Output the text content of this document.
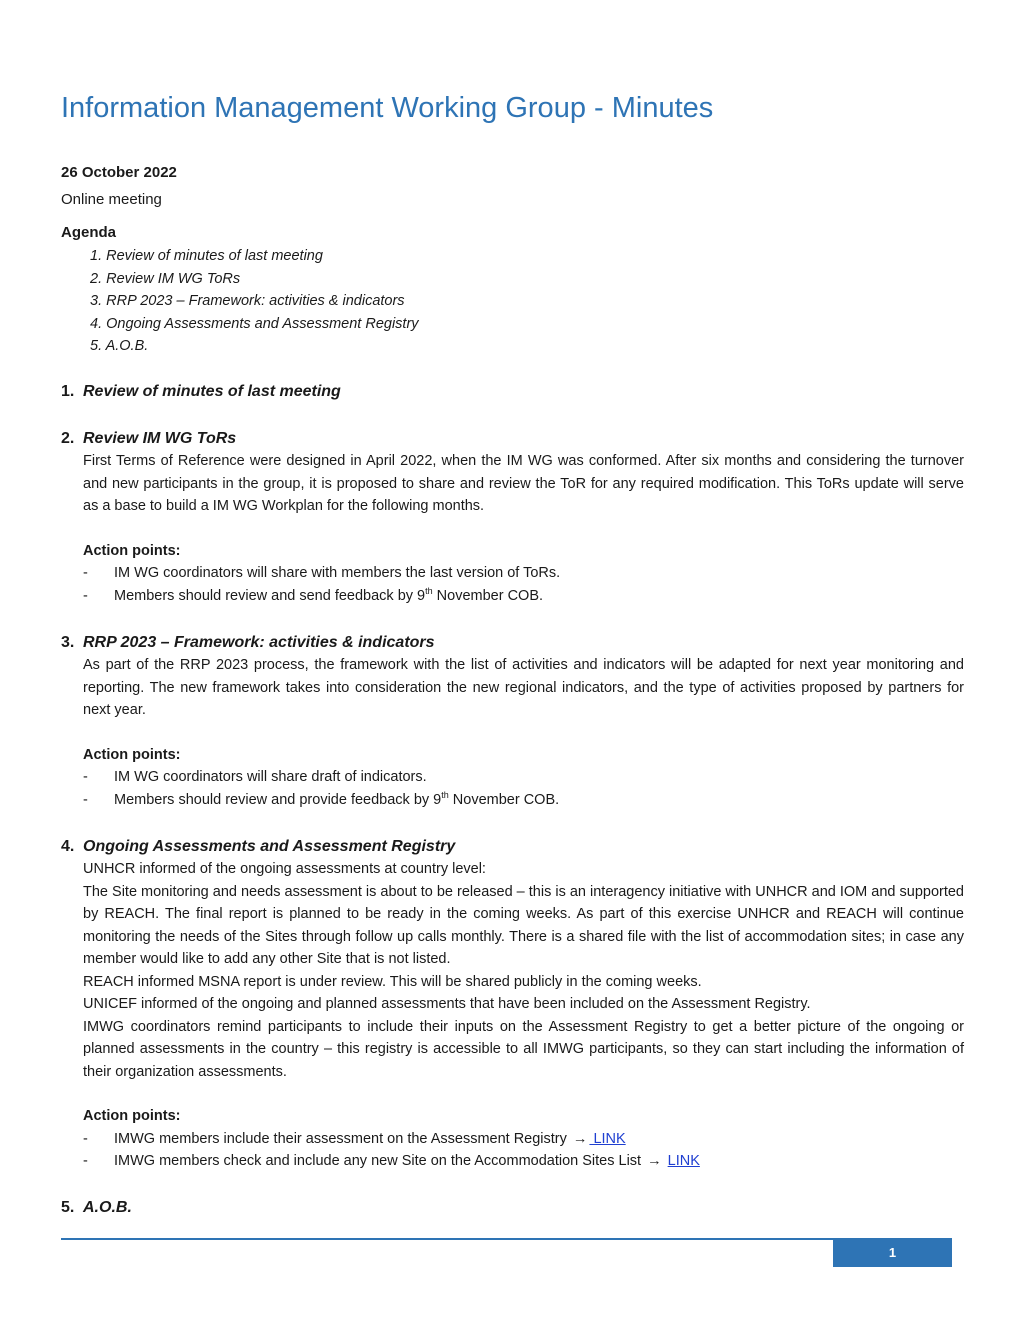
Information Management Working Group - Minutes
26 October 2022
Online meeting
Agenda
1. Review of minutes of last meeting
2. Review IM WG ToRs
3. RRP 2023 – Framework: activities & indicators
4. Ongoing Assessments and Assessment Registry
5. A.O.B.
1. Review of minutes of last meeting
2. Review IM WG ToRs

First Terms of Reference were designed in April 2022, when the IM WG was conformed. After six months and considering the turnover and new participants in the group, it is proposed to share and review the ToR for any required modification. This ToRs update will serve as a base to build a IM WG Workplan for the following months.

Action points:
- IM WG coordinators will share with members the last version of ToRs.
- Members should review and send feedback by 9th November COB.
3. RRP 2023 – Framework: activities & indicators

As part of the RRP 2023 process, the framework with the list of activities and indicators will be adapted for next year monitoring and reporting. The new framework takes into consideration the new regional indicators, and the type of activities proposed by partners for next year.

Action points:
- IM WG coordinators will share draft of indicators.
- Members should review and provide feedback by 9th November COB.
4. Ongoing Assessments and Assessment Registry

UNHCR informed of the ongoing assessments at country level:

The Site monitoring and needs assessment is about to be released – this is an interagency initiative with UNHCR and IOM and supported by REACH. The final report is planned to be ready in the coming weeks. As part of this exercise UNHCR and REACH will continue monitoring the needs of the Sites through follow up calls monthly. There is a shared file with the list of accommodation sites; in case any member would like to add any other Site that is not listed.

REACH informed MSNA report is under review. This will be shared publicly in the coming weeks.

UNICEF informed of the ongoing and planned assessments that have been included on the Assessment Registry.

IMWG coordinators remind participants to include their inputs on the Assessment Registry to get a better picture of the ongoing or planned assessments in the country – this registry is accessible to all IMWG participants, so they can start including the information of their organization assessments.

Action points:
- IMWG members include their assessment on the Assessment Registry → LINK
- IMWG members check and include any new Site on the Accommodation Sites List → LINK
5. A.O.B.
1
